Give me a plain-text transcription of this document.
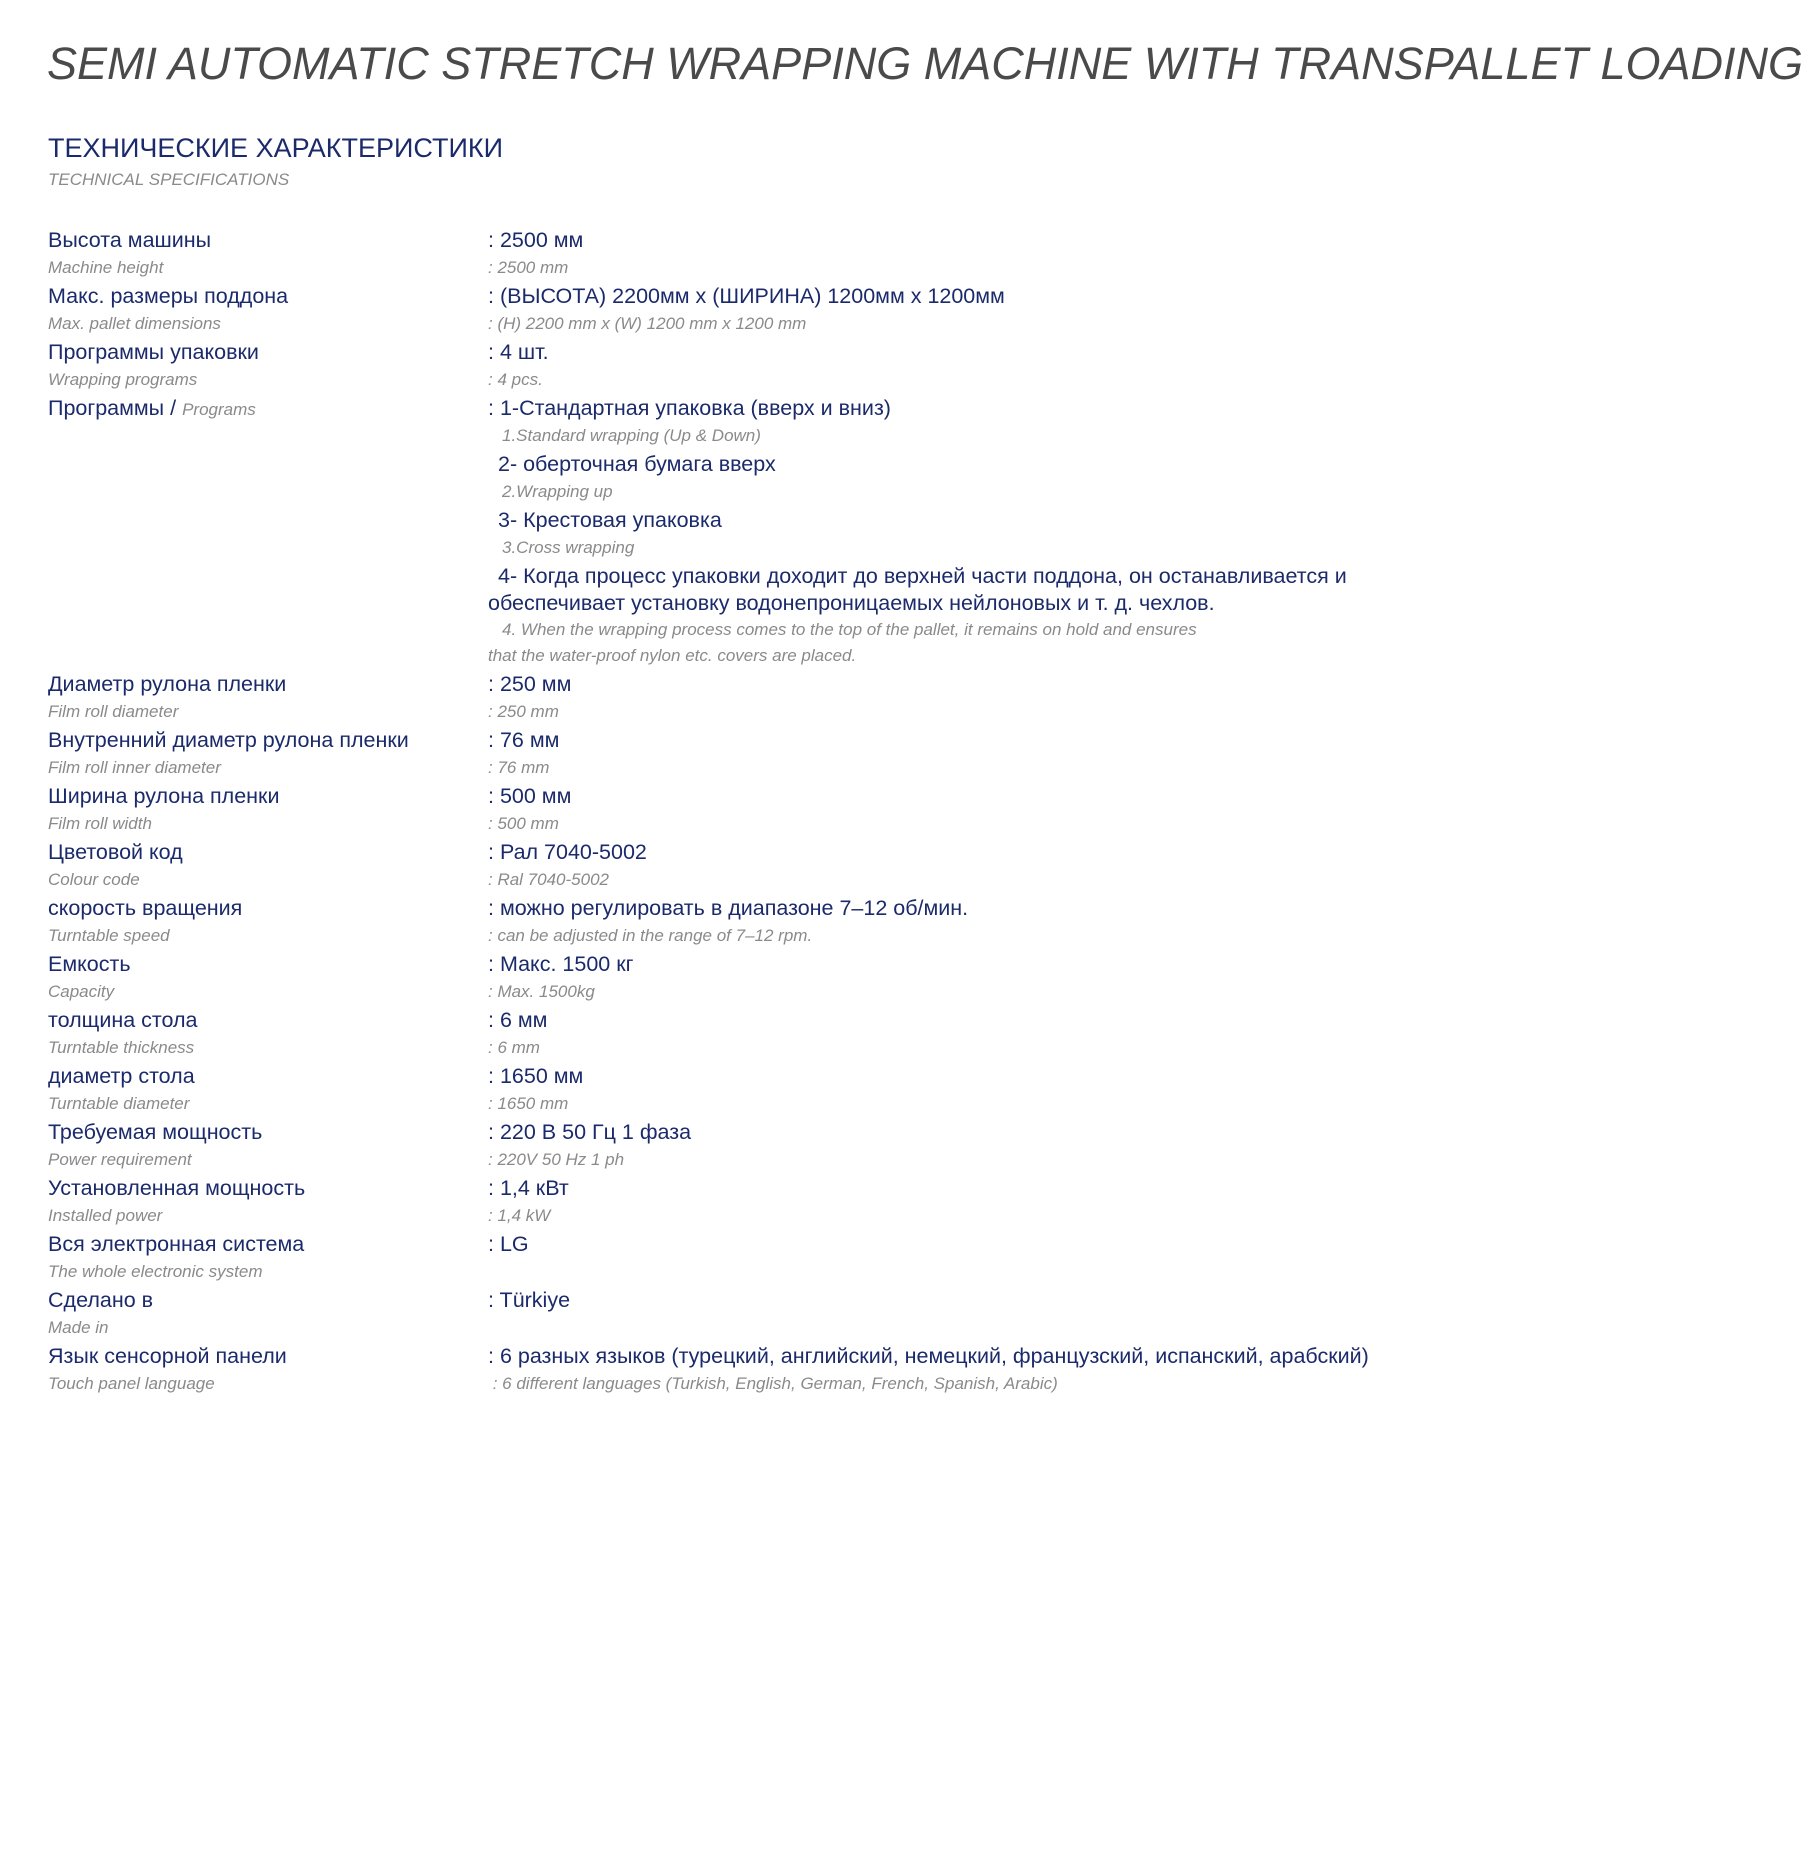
SEMI AUTOMATIC STRETCH WRAPPING MACHINE WITH TRANSPALLET LOADING
ТЕХНИЧЕСКИЕ ХАРАКТЕРИСТИКИ
TECHNICAL SPECIFICATIONS
Высота машины
Machine height
: 2500 мм
: 2500 mm
Макс. размеры поддона
Max. pallet dimensions
: (ВЫСОТА) 2200мм x (ШИРИНА) 1200мм x 1200мм
: (H) 2200 mm x (W) 1200 mm x 1200 mm
Программы упаковки
Wrapping programs
: 4 шт.
: 4 pcs.
Программы / Programs	: 1-Стандартная упаковка (вверх и вниз)
1.Standard wrapping (Up & Down)
2- оберточная бумага вверх
2.Wrapping up
3- Крестовая упаковка
3.Cross wrapping
4- Когда процесс упаковки доходит до верхней части поддона, он останавливается и
обеспечивает установку водонепроницаемых нейлоновых и т. д. чехлов.
4. When the wrapping process comes to the top of the pallet, it remains on hold and ensures
that the water-proof nylon etc. covers are placed.
Диаметр рулона пленки
Film roll diameter
: 250 мм
: 250 mm
Внутренний диаметр рулона пленки
Film roll inner diameter
: 76 мм
: 76 mm
Ширина рулона пленки
Film roll width
: 500 мм
: 500 mm
Цветовой код
Colour code
: Рал 7040-5002
: Ral 7040-5002
скорость вращения
Turntable speed
: можно регулировать в диапазоне 7–12 об/мин.
: can be adjusted in the range of 7–12 rpm.
Емкость
Capacity
: Макс. 1500 кг
: Max. 1500kg
толщина стола
Turntable thickness
: 6 мм
: 6 mm
диаметр стола
Turntable diameter
: 1650 мм
: 1650 mm
Требуемая мощность
Power requirement
: 220 В 50 Гц 1 фаза
: 220V 50 Hz 1 ph
Установленная мощность
Installed power
: 1,4 кВт
: 1,4 kW
Вся электронная система
The whole electronic system
: LG
Сделано в
Made in
: Türkiye
Язык сенсорной панели
Touch panel language
: 6 разных языков (турецкий, английский, немецкий, французский, испанский, арабский)
: 6 different languages (Turkish, English, German, French, Spanish, Arabic)
